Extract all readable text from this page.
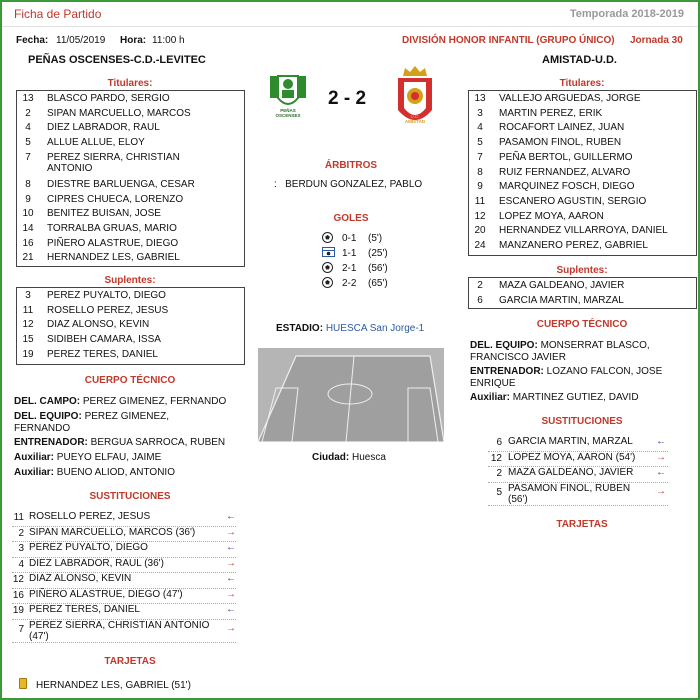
Ficha de Partido	Temporada 2018-2019
Fecha: 11/05/2019 Hora: 11:00 h	DIVISIÓN HONOR INFANTIL (GRUPO ÚNICO) Jornada 30
PEÑAS OSCENSES-C.D.-LEVITEC	AMISTAD-U.D.
PEÑAS OSCENSES
2 - 2
U.D. AMISTAD
Titulares:
13	BLASCO PARDO, SERGIO
2	SIPAN MARCUELLO, MARCOS
4	DIEZ LABRADOR, RAUL
5	ALLUE ALLUE, ELOY
7	PEREZ SIERRA, CHRISTIAN ANTONIO
8	DIESTRE BARLUENGA, CESAR
9	CIPRES CHUECA, LORENZO
10	BENITEZ BUISAN, JOSE
14	TORRALBA GRUAS, MARIO
16	PIÑERO ALASTRUE, DIEGO
21	HERNANDEZ LES, GABRIEL
Suplentes:
3	PEREZ PUYALTO, DIEGO
11	ROSELLO PEREZ, JESUS
12	DIAZ ALONSO, KEVIN
15	SIDIBEH CAMARA, ISSA
19	PEREZ TERES, DANIEL
CUERPO TÉCNICO
DEL. CAMPO: PEREZ GIMENEZ, FERNANDO
DEL. EQUIPO: PEREZ GIMENEZ,
FERNANDO
ENTRENADOR: BERGUA SARROCA, RUBEN
Auxiliar: PUEYO ELFAU, JAIME
Auxiliar: BUENO ALIOD, ANTONIO
SUSTITUCIONES
11 ROSELLO PEREZ, JESUS	←
2 SIPAN MARCUELLO, MARCOS (36')	→
3 PEREZ PUYALTO, DIEGO	←
4 DIEZ LABRADOR, RAUL (36')	→
12 DIAZ ALONSO, KEVIN	←
16 PIÑERO ALASTRUE, DIEGO (47')	→
19 PEREZ TERES, DANIEL	←
7 PEREZ SIERRA, CHRISTIAN ANTONIO (47')
→
TARJETAS
HERNANDEZ LES, GABRIEL (51')
ÁRBITROS
: BERDUN GONZALEZ, PABLO
GOLES
0-1 (5')
1-1 (25')
2-1 (56')
2-2 (65')
ESTADIO: HUESCA San Jorge-1
Ciudad: Huesca
Titulares:
13	VALLEJO ARGUEDAS, JORGE
3	MARTIN PEREZ, ERIK
4	ROCAFORT LAINEZ, JUAN
5	PASAMON FINOL, RUBEN
7	PEÑA BERTOL, GUILLERMO
8	RUIZ FERNANDEZ, ALVARO
9	MARQUINEZ FOSCH, DIEGO
11	ESCANERO AGUSTIN, SERGIO
12	LOPEZ MOYA, AARON
20	HERNANDEZ VILLARROYA, DANIEL
24	MANZANERO PEREZ, GABRIEL
Suplentes:
2	MAZA GALDEANO, JAVIER
6	GARCIA MARTIN, MARZAL
CUERPO TÉCNICO
DEL. EQUIPO: MONSERRAT BLASCO,
FRANCISCO JAVIER
ENTRENADOR: LOZANO FALCON, JOSE
ENRIQUE
Auxiliar: MARTINEZ GUTIEZ, DAVID
SUSTITUCIONES
6 GARCIA MARTIN, MARZAL ←
12 LOPEZ MOYA, AARON (54') →
2 MAZA GALDEANO, JAVIER ←
5 PASAMON FINOL, RUBEN (56')
→
TARJETAS
